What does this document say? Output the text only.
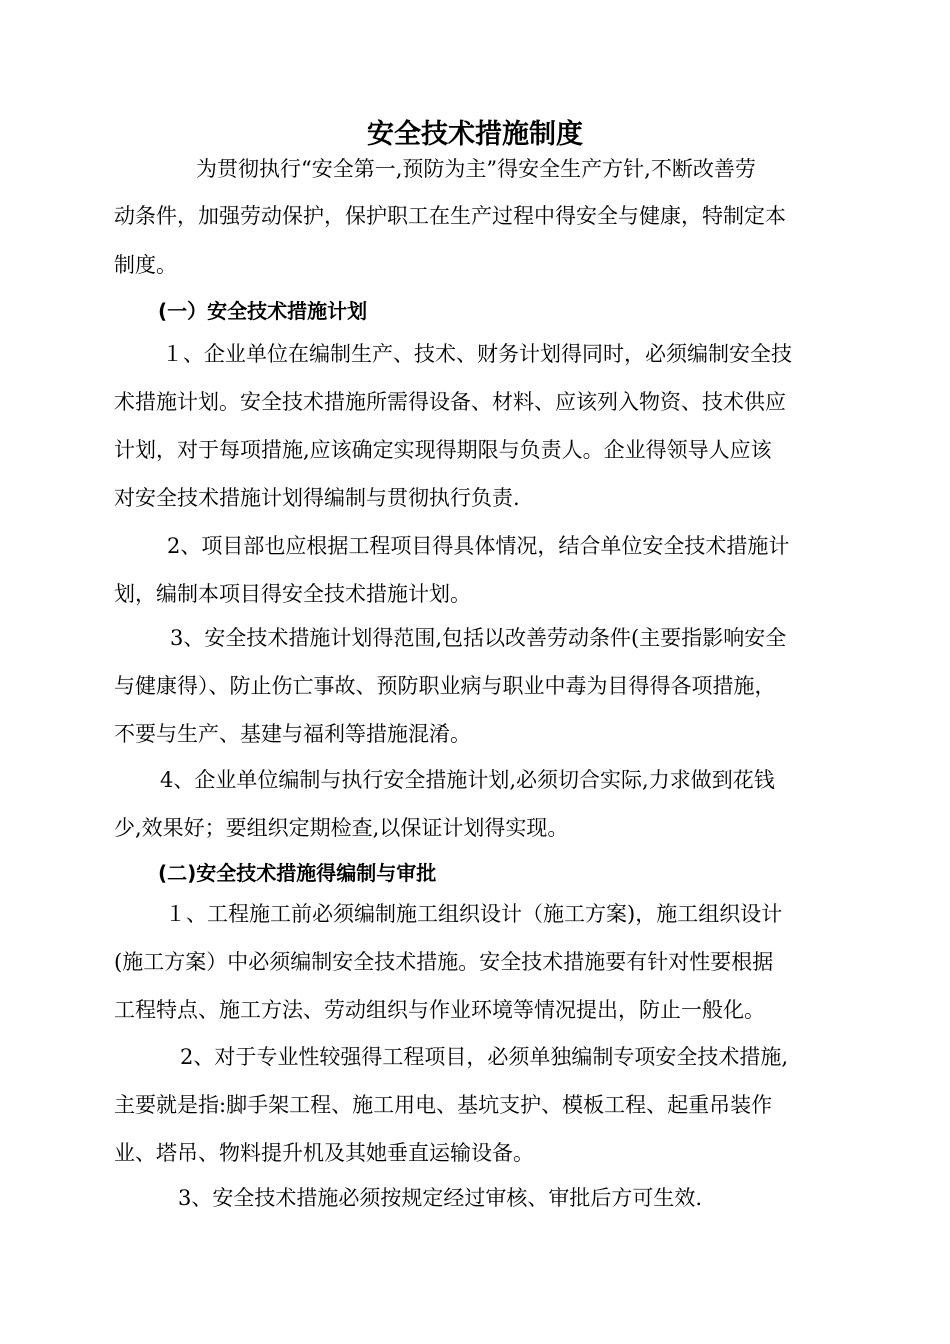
安全技术措施制度
为贯彻执行“安全第一,预防为主”得安全生产方针,不断改善劳
动条件，加强劳动保护，保护职工在生产过程中得安全与健康，特制定本
制度。
(一）安全技术措施计划
１、企业单位在编制生产、技术、财务计划得同时，必须编制安全技
术措施计划。安全技术措施所需得设备、材料、应该列入物资、技术供应
计划，对于每项措施,应该确定实现得期限与负责人。企业得领导人应该
对安全技术措施计划得编制与贯彻执行负责.
2、项目部也应根据工程项目得具体情况，结合单位安全技术措施计
划，编制本项目得安全技术措施计划。
3、安全技术措施计划得范围,包括以改善劳动条件(主要指影响安全
与健康得）、防止伤亡事故、预防职业病与职业中毒为目得得各项措施，
不要与生产、基建与福利等措施混淆。
4、企业单位编制与执行安全措施计划,必须切合实际,力求做到花钱
少,效果好；要组织定期检查,以保证计划得实现。
(二)安全技术措施得编制与审批
１、工程施工前必须编制施工组织设计（施工方案)，施工组织设计
(施工方案）中必须编制安全技术措施。安全技术措施要有针对性要根据
工程特点、施工方法、劳动组织与作业环境等情况提出，防止一般化。
2、对于专业性较强得工程项目，必须单独编制专项安全技术措施,
主要就是指:脚手架工程、施工用电、基坑支护、模板工程、起重吊装作
业、塔吊、物料提升机及其她垂直运输设备。
3、安全技术措施必须按规定经过审核、审批后方可生效.
